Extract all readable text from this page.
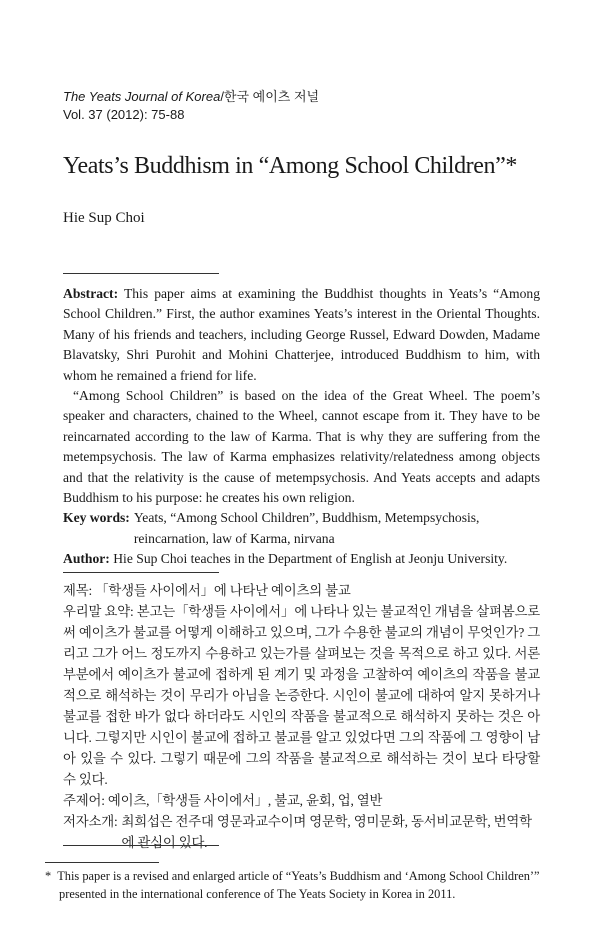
The Yeats Journal of Korea/한국 예이츠 저널
Vol. 37 (2012): 75-88
Yeats’s Buddhism in “Among School Children”*
Hie Sup Choi

Abstract: This paper aims at examining the Buddhist thoughts in Yeats’s “Among School Children.” First, the author examines Yeats’s interest in the Oriental Thoughts. Many of his friends and teachers, including George Russel, Edward Dowden, Madame Blavatsky, Shri Purohit and Mohini Chatterjee, introduced Buddhism to him, with whom he remained a friend for life.

“Among School Children” is based on the idea of the Great Wheel. The poem’s speaker and characters, chained to the Wheel, cannot escape from it. They have to be reincarnated according to the law of Karma. That is why they are suffering from the metempsychosis. The law of Karma emphasizes relativity/relatedness among objects and that the relativity is the cause of metempsychosis. And Yeats accepts and adapts Buddhism to his purpose: he creates his own religion.

Key words: Yeats, “Among School Children”, Buddhism, Metempsychosis, reincarnation, law of Karma, nirvana

Author: Hie Sup Choi teaches in the Department of English at Jeonju University.

제목: 「학생들 사이에서」에 나타난 예이츠의 불교

우리말 요약: 본고는「학생들 사이에서」에 나타나 있는 불교적인 개념을 살펴봄으로써 예이츠가 불교를 어떻게 이해하고 있으며, 그가 수용한 불교의 개념이 무엇인가? 그리고 그가 어느 정도까지 수용하고 있는가를 살펴보는 것을 목적으로 하고 있다. 서론부분에서 예이츠가 불교에 접하게 된 계기 및 과정을 고찰하여 예이츠의 작품을 불교적으로 해석하는 것이 무리가 아님을 논증한다. 시인이 불교에 대하여 알지 못하거나 불교를 접한 바가 없다 하더라도 시인의 작품을 불교적으로 해석하지 못하는 것은 아니다. 그렇지만 시인이 불교에 접하고 불교를 알고 있었다면 그의 작품에 그 영향이 남아 있을 수 있다. 그렇기 때문에 그의 작품을 불교적으로 해석하는 것이 보다 타당할 수 있다.

주제어: 예이츠,「학생들 사이에서」, 불교, 윤회, 업, 열반

저자소개: 최희섭은 전주대 영문과교수이며 영문학, 영미문화, 동서비교문학, 번역학에 관심이 있다.

* This paper is a revised and enlarged article of “Yeats’s Buddhism and ‘Among School Children’”

presented in the international conference of The Yeats Society in Korea in 2011.
